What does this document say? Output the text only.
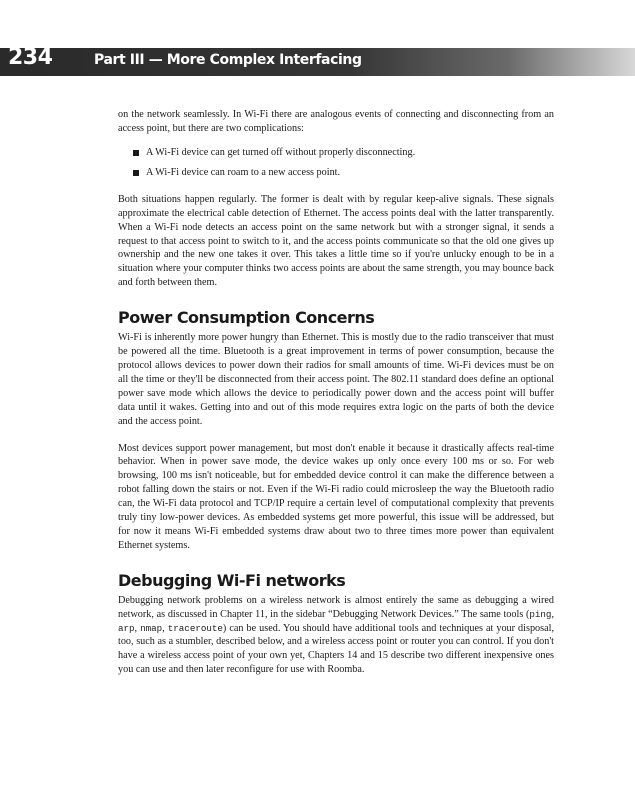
234	Part III — More Complex Interfacing

on the network seamlessly. In Wi-Fi there are analogous events of connecting and disconnecting from an access point, but there are two complications:

A Wi-Fi device can get turned off without properly disconnecting.
A Wi-Fi device can roam to a new access point.

Both situations happen regularly. The former is dealt with by regular keep-alive signals. These signals approximate the electrical cable detection of Ethernet. The access points deal with the latter transparently. When a Wi-Fi node detects an access point on the same network but with a stronger signal, it sends a request to that access point to switch to it, and the access points communicate so that the old one gives up ownership and the new one takes it over. This takes a little time so if you're unlucky enough to be in a situation where your computer thinks two access points are about the same strength, you may bounce back and forth between them.

Power Consumption Concerns

Wi-Fi is inherently more power hungry than Ethernet. This is mostly due to the radio transceiver that must be powered all the time. Bluetooth is a great improvement in terms of power consumption, because the protocol allows devices to power down their radios for small amounts of time. Wi-Fi devices must be on all the time or they'll be disconnected from their access point. The 802.11 standard does define an optional power save mode which allows the device to periodically power down and the access point will buffer data until it wakes. Getting into and out of this mode requires extra logic on the parts of both the device and the access point.

Most devices support power management, but most don't enable it because it drastically affects real-time behavior. When in power save mode, the device wakes up only once every 100 ms or so. For web browsing, 100 ms isn't noticeable, but for embedded device control it can make the difference between a robot falling down the stairs or not. Even if the Wi-Fi radio could microsleep the way the Bluetooth radio can, the Wi-Fi data protocol and TCP/IP require a certain level of computational complexity that prevents truly tiny low-power devices. As embedded systems get more powerful, this issue will be addressed, but for now it means Wi-Fi embedded systems draw about two to three times more power than equivalent Ethernet systems.

Debugging Wi-Fi networks

Debugging network problems on a wireless network is almost entirely the same as debugging a wired network, as discussed in Chapter 11, in the sidebar “Debugging Network Devices.” The same tools (ping, arp, nmap, traceroute) can be used. You should have additional tools and techniques at your disposal, too, such as a stumbler, described below, and a wireless access point or router you can control. If you don't have a wireless access point of your own yet, Chapters 14 and 15 describe two different inexpensive ones you can use and then later reconfigure for use with Roomba.
